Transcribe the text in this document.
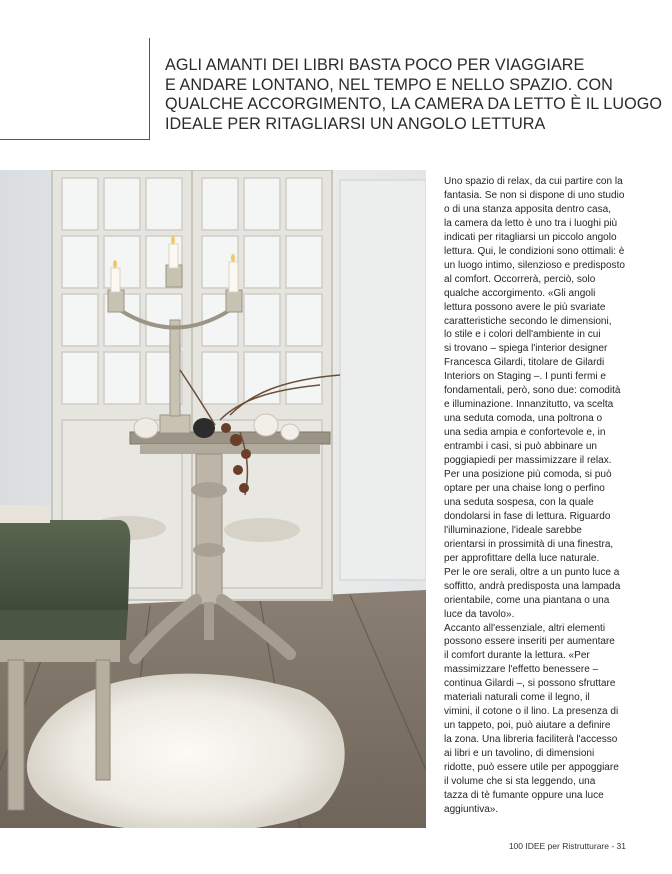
AGLI AMANTI DEI LIBRI BASTA POCO PER VIAGGIARE
E ANDARE LONTANO, NEL TEMPO E NELLO SPAZIO. CON
QUALCHE ACCORGIMENTO, LA CAMERA DA LETTO È IL LUOGO
IDEALE PER RITAGLIARSI UN ANGOLO LETTURA

Uno spazio di relax, da cui partire con la

fantasia. Se non si dispone di uno studio

o di una stanza apposita dentro casa,

la camera da letto è uno tra i luoghi più

indicati per ritagliarsi un piccolo angolo

lettura. Qui, le condizioni sono ottimali: è

un luogo intimo, silenzioso e predisposto

al comfort. Occorrerà, perciò, solo

qualche accorgimento. «Gli angoli

lettura possono avere le più svariate

caratteristiche secondo le dimensioni,

lo stile e i colori dell'ambiente in cui

si trovano – spiega l'interior designer

Francesca Gilardi, titolare de Gilardi

Interiors on Staging –. I punti fermi e

fondamentali, però, sono due: comodità

e illuminazione. Innanzitutto, va scelta

una seduta comoda, una poltrona o

una sedia ampia e confortevole e, in

entrambi i casi, si può abbinare un

poggiapiedi per massimizzare il relax.

Per una posizione più comoda, si può

optare per una chaise long o perfino

una seduta sospesa, con la quale

dondolarsi in fase di lettura. Riguardo

l'illuminazione, l'ideale sarebbe

orientarsi in prossimità di una finestra,

per approfittare della luce naturale.

Per le ore serali, oltre a un punto luce a

soffitto, andrà predisposta una lampada

orientabile, come una piantana o una

luce da tavolo».

Accanto all'essenziale, altri elementi

possono essere inseriti per aumentare

il comfort durante la lettura. «Per

massimizzare l'effetto benessere –

continua Gilardi –, si possono sfruttare

materiali naturali come il legno, il

vimini, il cotone o il lino. La presenza di

un tappeto, poi, può aiutare a definire

la zona. Una libreria faciliterà l'accesso

ai libri e un tavolino, di dimensioni

ridotte, può essere utile per appoggiare

il volume che si sta leggendo, una

tazza di tè fumante oppure una luce

aggiuntiva».

100 IDEE per Ristrutturare - 31
